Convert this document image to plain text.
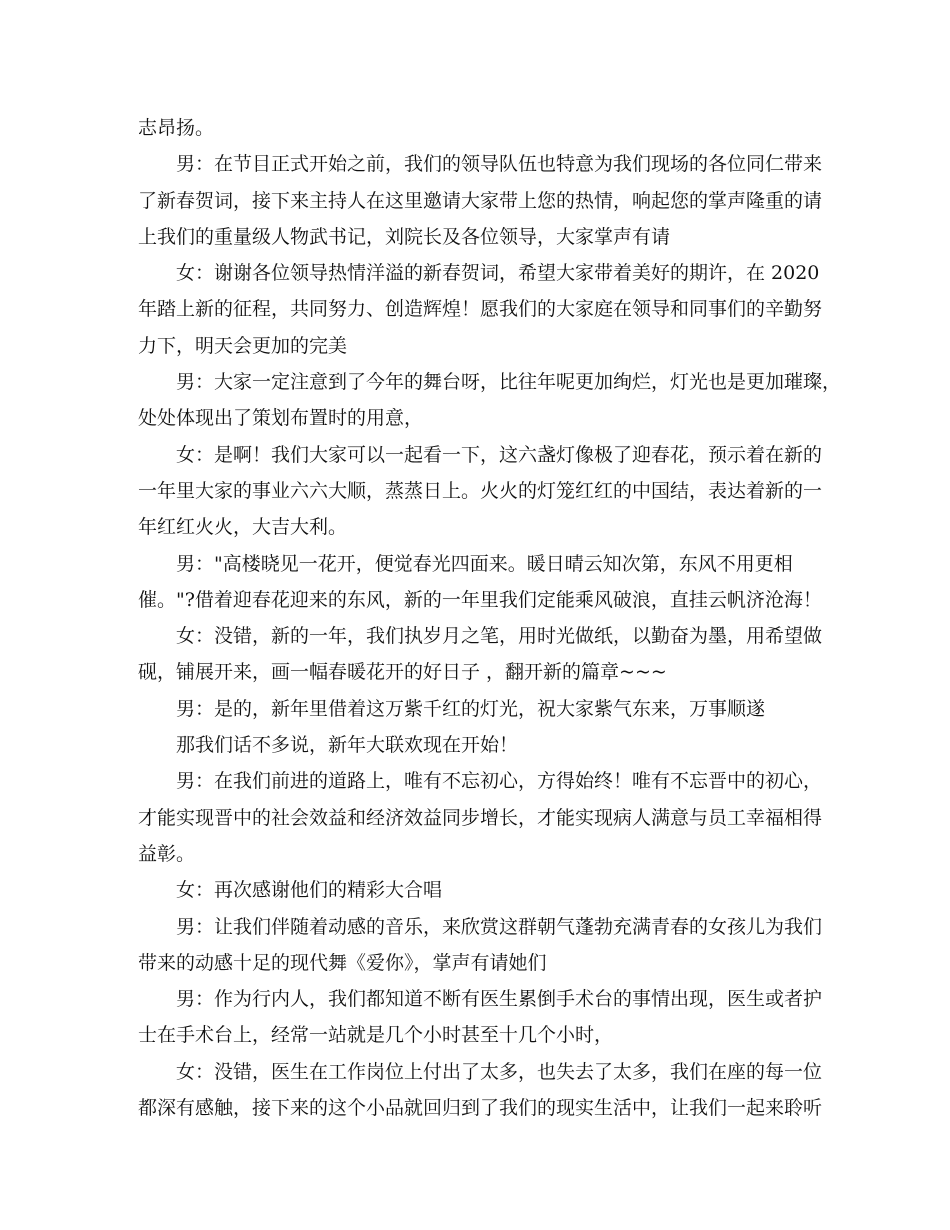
志昂扬。
男：在节目正式开始之前，我们的领导队伍也特意为我们现场的各位同仁带来
了新春贺词，接下来主持人在这里邀请大家带上您的热情，响起您的掌声隆重的请
上我们的重量级人物武书记，刘院长及各位领导，大家掌声有请
女：谢谢各位领导热情洋溢的新春贺词，希望大家带着美好的期许，在 2020
年踏上新的征程，共同努力、创造辉煌！愿我们的大家庭在领导和同事们的辛勤努
力下，明天会更加的完美
男：大家一定注意到了今年的舞台呀，比往年呢更加绚烂，灯光也是更加璀璨，
处处体现出了策划布置时的用意，
女：是啊！我们大家可以一起看一下，这六盏灯像极了迎春花，预示着在新的
一年里大家的事业六六大顺，蒸蒸日上。火火的灯笼红红的中国结，表达着新的一
年红红火火，大吉大利。
男："高楼晓见一花开，便觉春光四面来。暖日晴云知次第，东风不用更相
催。"?借着迎春花迎来的东风，新的一年里我们定能乘风破浪，直挂云帆济沧海！
女：没错，新的一年，我们执岁月之笔，用时光做纸，以勤奋为墨，用希望做
砚，铺展开来，画一幅春暖花开的好日子 ，翻开新的篇章~~~
男：是的，新年里借着这万紫千红的灯光，祝大家紫气东来，万事顺遂
那我们话不多说，新年大联欢现在开始！
男：在我们前进的道路上，唯有不忘初心，方得始终！唯有不忘晋中的初心，
才能实现晋中的社会效益和经济效益同步增长，才能实现病人满意与员工幸福相得
益彰。
女：再次感谢他们的精彩大合唱
男：让我们伴随着动感的音乐，来欣赏这群朝气蓬勃充满青春的女孩儿为我们
带来的动感十足的现代舞《爱你》，掌声有请她们
男：作为行内人，我们都知道不断有医生累倒手术台的事情出现，医生或者护
士在手术台上，经常一站就是几个小时甚至十几个小时，
女：没错，医生在工作岗位上付出了太多，也失去了太多，我们在座的每一位
都深有感触，接下来的这个小品就回归到了我们的现实生活中，让我们一起来聆听
